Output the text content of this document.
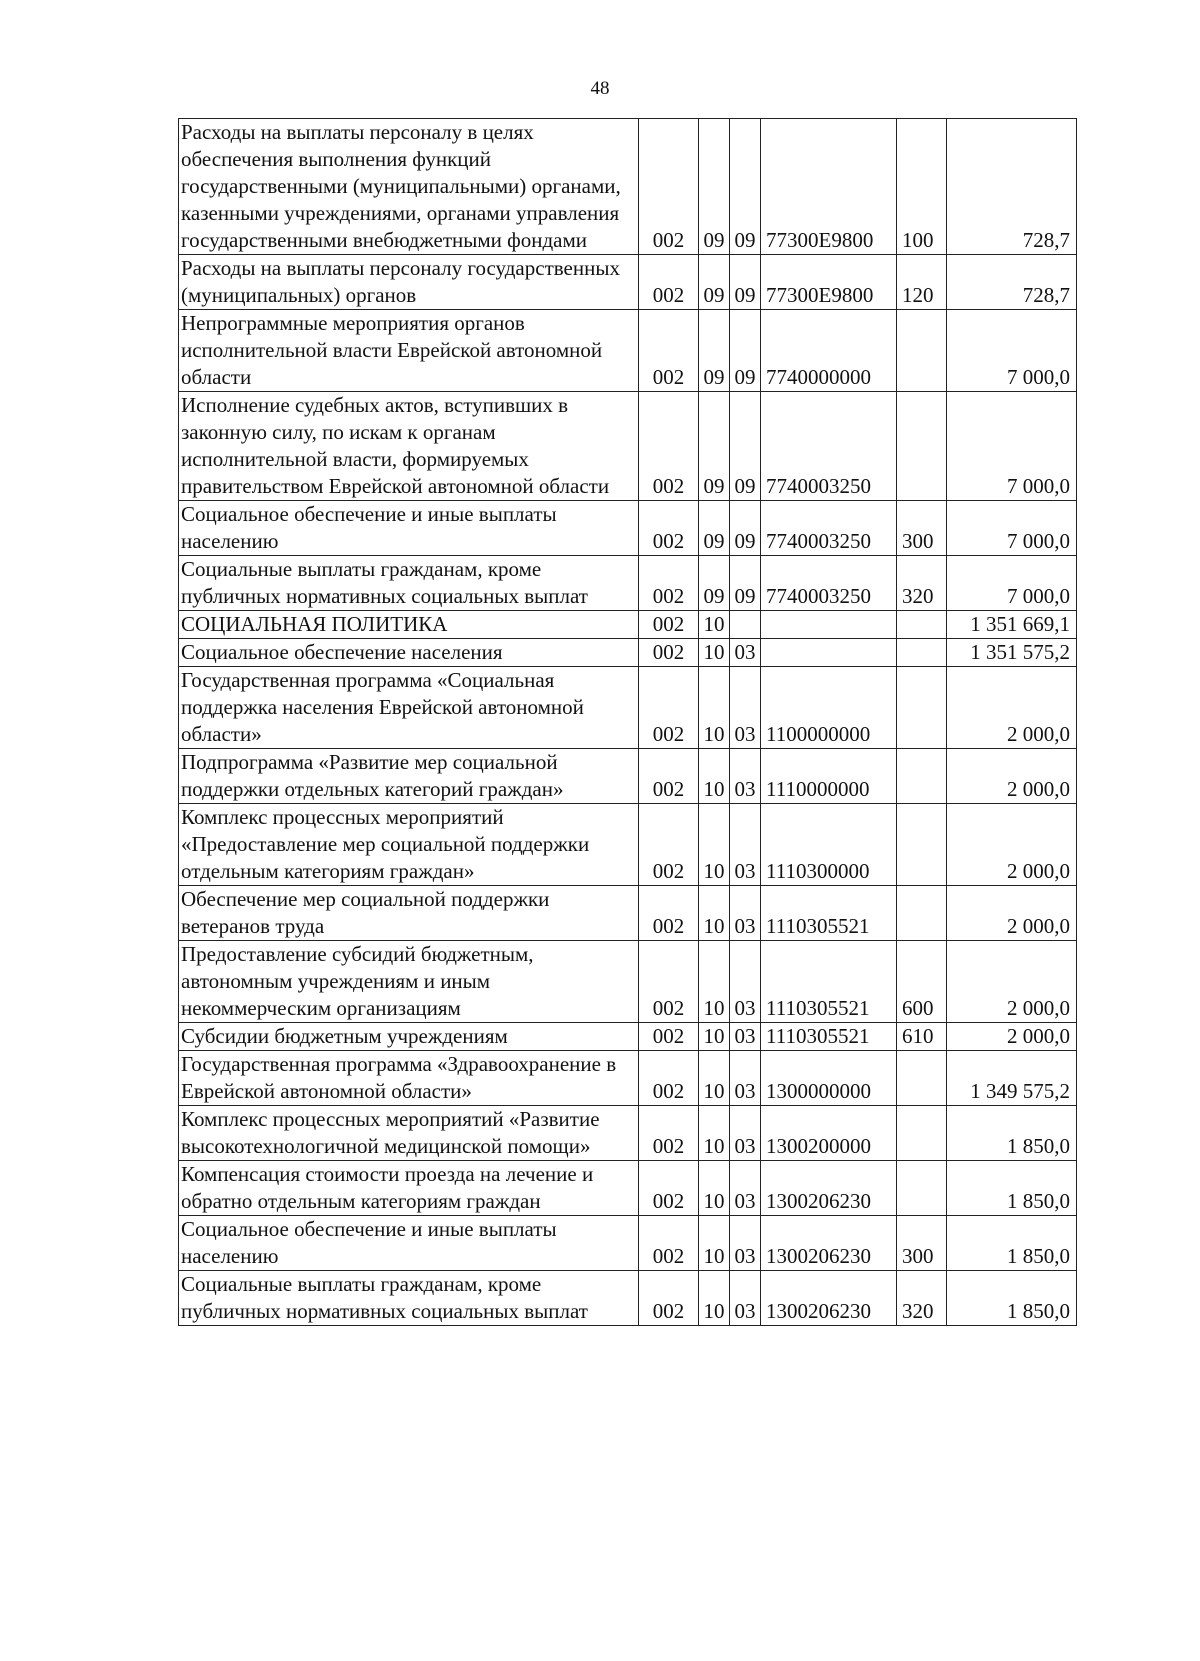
48
Расходы на выплаты персоналу в целях обеспечения выполнения функций государственными (муниципальными) органами, казенными учреждениями, органами управления государственными внебюджетными фондами	002	09	09	77300E9800	100	728,7
Расходы на выплаты персоналу государственных (муниципальных) органов	002	09	09	77300E9800	120	728,7
Непрограммные мероприятия органов исполнительной власти Еврейской автономной области	002	09	09	7740000000		7 000,0
Исполнение судебных актов, вступивших в законную силу, по искам к органам исполнительной власти, формируемых правительством Еврейской автономной области	002	09	09	7740003250		7 000,0
Социальное обеспечение и иные выплаты населению	002	09	09	7740003250	300	7 000,0
Социальные выплаты гражданам, кроме публичных нормативных социальных выплат	002	09	09	7740003250	320	7 000,0
СОЦИАЛЬНАЯ ПОЛИТИКА	002	10				1 351 669,1
Социальное обеспечение населения	002	10	03			1 351 575,2
Государственная программа «Социальная поддержка населения Еврейской автономной области»	002	10	03	1100000000		2 000,0
Подпрограмма «Развитие мер социальной поддержки отдельных категорий граждан»	002	10	03	1110000000		2 000,0
Комплекс процессных мероприятий «Предоставление мер социальной поддержки отдельным категориям граждан»	002	10	03	1110300000		2 000,0
Обеспечение мер социальной поддержки ветеранов труда	002	10	03	1110305521		2 000,0
Предоставление субсидий бюджетным, автономным учреждениям и иным некоммерческим организациям	002	10	03	1110305521	600	2 000,0
Субсидии бюджетным учреждениям	002	10	03	1110305521	610	2 000,0
Государственная программа «Здравоохранение в Еврейской автономной области»	002	10	03	1300000000		1 349 575,2
Комплекс процессных мероприятий «Развитие высокотехнологичной медицинской помощи»	002	10	03	1300200000		1 850,0
Компенсация стоимости проезда на лечение и обратно отдельным категориям граждан	002	10	03	1300206230		1 850,0
Социальное обеспечение и иные выплаты населению	002	10	03	1300206230	300	1 850,0
Социальные выплаты гражданам, кроме публичных нормативных социальных выплат	002	10	03	1300206230	320	1 850,0
